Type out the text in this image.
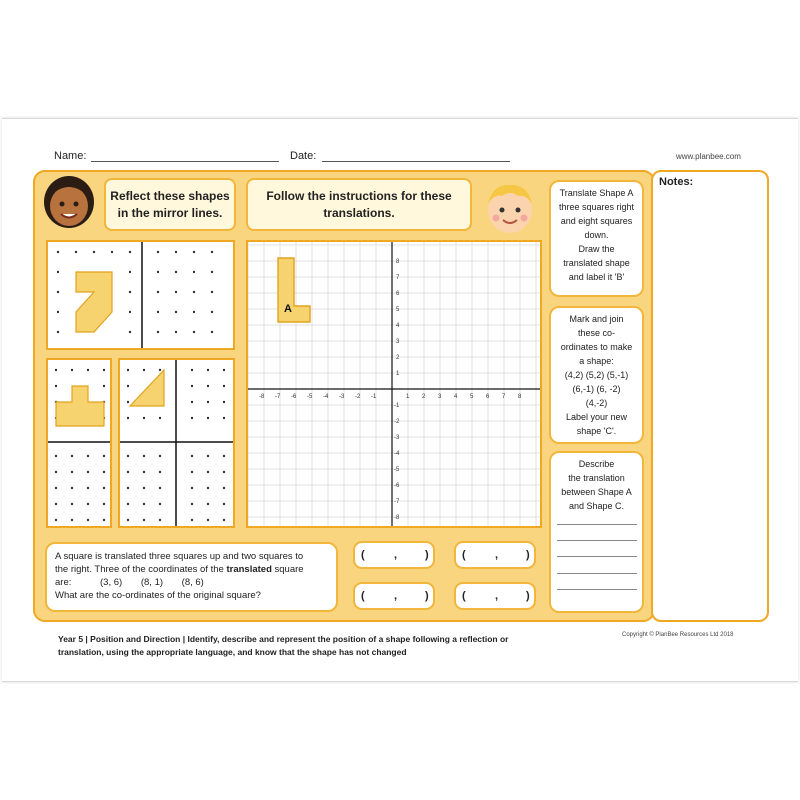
Name:	Date:	www.planbee.com
Notes:
Reflect these shapes
in the mirror lines.
Follow the instructions for these
translations.
-8 -7 -6 -5 -4 -3 -2 -1	1 2 3 4 5 6 7 8
8
7
6
5
4
3
2
1
-1
-2
-3
-4
-5
-6
-7
-8
A
Translate Shape A
three squares right
and eight squares
down.
Draw the
translated shape
and label it 'B'
Mark and join
these co-
ordinates to make
a shape:
(4,2) (5,2) (5,-1)
(6,-1) (6, -2)
(4,-2)
Label your new
shape 'C'.
Describe
the translation
between Shape A
and Shape C.
A square is translated three squares up and two squares to
the right. Three of the coordinates of the translated square
are:	(3, 6) (8, 1) (8, 6)
What are the co-ordinates of the original square?
(	,	)	(	,	)
(	,	)	(	,	)
Year 5 | Position and Direction | Identify, describe and represent the position of a shape following a reflection or
translation, using the appropriate language, and know that the shape has not changed
Copyright © PlanBee Resources Ltd 2018
